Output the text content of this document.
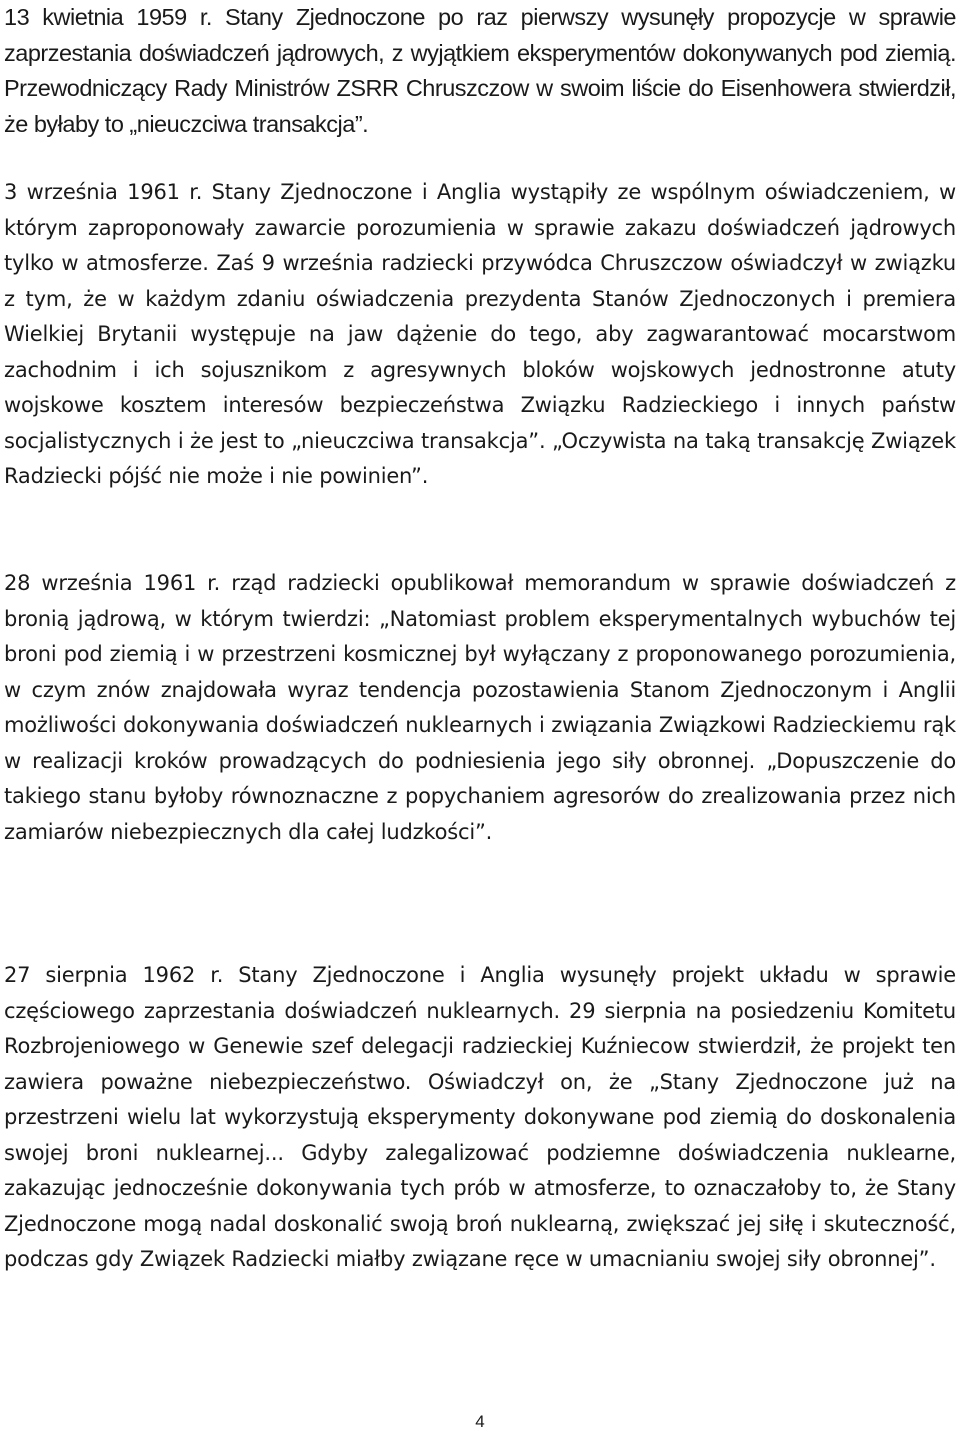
13 kwietnia 1959 r. Stany Zjednoczone po raz pierwszy wysunęły propozycje w sprawie zaprzestania doświadczeń jądrowych, z wyjątkiem eksperymentów dokonywanych pod ziemią. Przewodniczący Rady Ministrów ZSRR Chruszczow w swoim liście do Eisenhowera stwierdził, że byłaby to „nieuczciwa transakcja”.

3 września 1961 r. Stany Zjednoczone i Anglia wystąpiły ze wspólnym oświadczeniem, w którym zaproponowały zawarcie porozumienia w sprawie zakazu doświadczeń jądrowych tylko w atmosferze. Zaś 9 września radziecki przywódca Chruszczow oświadczył w związku z tym, że w każdym zdaniu oświadczenia prezydenta Stanów Zjednoczonych i premiera Wielkiej Brytanii występuje na jaw dążenie do tego, aby zagwarantować mocarstwom zachodnim i ich sojusznikom z agresywnych bloków wojskowych jednostronne atuty wojskowe kosztem interesów bezpieczeństwa Związku Radzieckiego i innych państw socjalistycznych i że jest to „nieuczciwa transakcja”. „Oczywista na taką transakcję Związek Radziecki pójść nie może i nie powinien”.

28 września 1961 r. rząd radziecki opublikował memorandum w sprawie doświadczeń z bronią jądrową, w którym twierdzi: „Natomiast problem eksperymentalnych wybuchów tej broni pod ziemią i w przestrzeni kosmicznej był wyłączany z proponowanego porozumienia, w czym znów znajdowała wyraz tendencja pozostawienia Stanom Zjednoczonym i Anglii możliwości dokonywania doświadczeń nuklearnych i związania Związkowi Radzieckiemu rąk w realizacji kroków prowadzących do podniesienia jego siły obronnej. „Dopuszczenie do takiego stanu byłoby równoznaczne z popychaniem agresorów do zrealizowania przez nich zamiarów niebezpiecznych dla całej ludzkości”.

27 sierpnia 1962 r. Stany Zjednoczone i Anglia wysunęły projekt układu w sprawie częściowego zaprzestania doświadczeń nuklearnych. 29 sierpnia na posiedzeniu Komitetu Rozbrojeniowego w Genewie szef delegacji radzieckiej Kuźniecow stwierdził, że projekt ten zawiera poważne niebezpieczeństwo. Oświadczył on, że „Stany Zjednoczone już na przestrzeni wielu lat wykorzystują eksperymenty dokonywane pod ziemią do doskonalenia swojej broni nuklearnej... Gdyby zalegalizować podziemne doświadczenia nuklearne, zakazując jednocześnie dokonywania tych prób w atmosferze, to oznaczałoby to, że Stany Zjednoczone mogą nadal doskonalić swoją broń nuklearną, zwiększać jej siłę i skuteczność, podczas gdy Związek Radziecki miałby związane ręce w umacnianiu swojej siły obronnej”.

4
